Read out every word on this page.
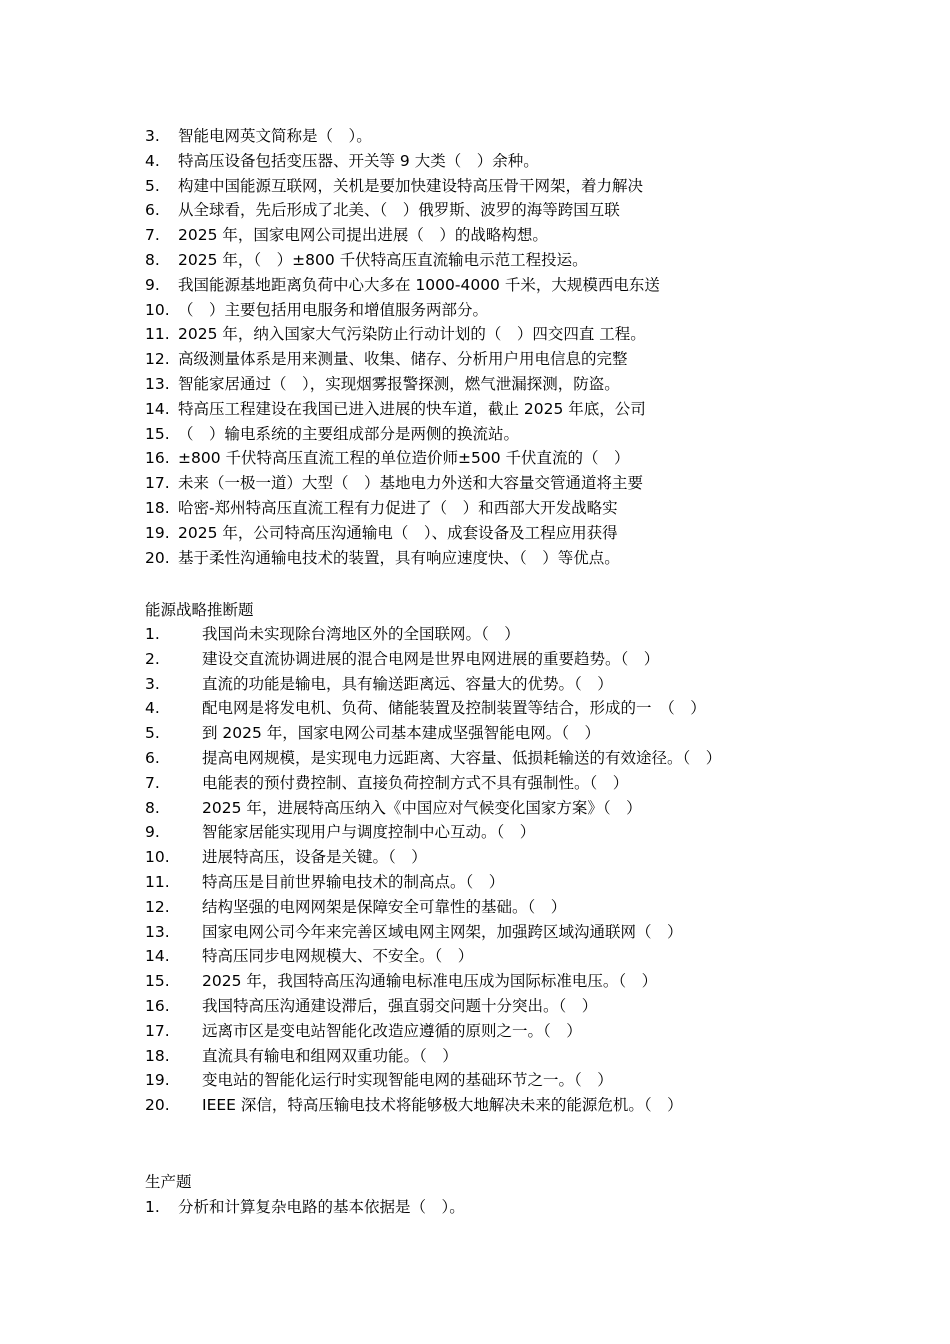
3. 智能电网英文简称是（　）。
4. 特高压设备包括变压器、开关等 9 大类（　）余种。
5. 构建中国能源互联网，关机是要加快建设特高压骨干网架，着力解决
6. 从全球看，先后形成了北美、（　）俄罗斯、波罗的海等跨国互联
7. 2025 年，国家电网公司提出进展（　）的战略构想。
8. 2025 年，（　）±800 千伏特高压直流输电示范工程投运。
9. 我国能源基地距离负荷中心大多在 1000-4000 千米，大规模西电东送
10. （　）主要包括用电服务和增值服务两部分。
11. 2025 年，纳入国家大气污染防止行动计划的（　）四交四直 工程。
12. 高级测量体系是用来测量、收集、储存、分析用户用电信息的完整
13. 智能家居通过（　），实现烟雾报警探测，燃气泄漏探测，防盗。
14. 特高压工程建设在我国已进入进展的快车道，截止 2025 年底，公司
15. （　）输电系统的主要组成部分是两侧的换流站。
16. ±800 千伏特高压直流工程的单位造价师±500 千伏直流的（　）
17. 未来（一极一道）大型（　）基地电力外送和大容量交管通道将主要
18. 哈密-郑州特高压直流工程有力促进了（　）和西部大开发战略实
19. 2025 年，公司特高压沟通输电（　）、成套设备及工程应用获得
20. 基于柔性沟通输电技术的装置，具有响应速度快、（　）等优点。
能源战略推断题
1.	我国尚未实现除台湾地区外的全国联网。（　）
2.	建设交直流协调进展的混合电网是世界电网进展的重要趋势。（　）
3.	直流的功能是输电，具有输送距离远、容量大的优势。（　）
4.	配电网是将发电机、负荷、储能装置及控制装置等结合，形成的一　（　）
5.	到 2025 年，国家电网公司基本建成坚强智能电网。（　）
6.	提高电网规模，是实现电力远距离、大容量、低损耗输送的有效途径。（　）
7.	电能表的预付费控制、直接负荷控制方式不具有强制性。（　）
8.	2025 年，进展特高压纳入《中国应对气候变化国家方案》（　）
9.	智能家居能实现用户与调度控制中心互动。（　）
10. 进展特高压，设备是关键。（　）
11. 特高压是目前世界输电技术的制高点。（　）
12. 结构坚强的电网网架是保障安全可靠性的基础。（　）
13. 国家电网公司今年来完善区域电网主网架，加强跨区域沟通联网（　）
14. 特高压同步电网规模大、不安全。（　）
15. 2025 年，我国特高压沟通输电标准电压成为国际标准电压。（　）
16. 我国特高压沟通建设滞后，强直弱交问题十分突出。（　）
17. 远离市区是变电站智能化改造应遵循的原则之一。（　）
18. 直流具有输电和组网双重功能。（　）
19. 变电站的智能化运行时实现智能电网的基础环节之一。（　）
20. IEEE 深信，特高压输电技术将能够极大地解决未来的能源危机。（　）
生产题
1. 分析和计算复杂电路的基本依据是（　）。
